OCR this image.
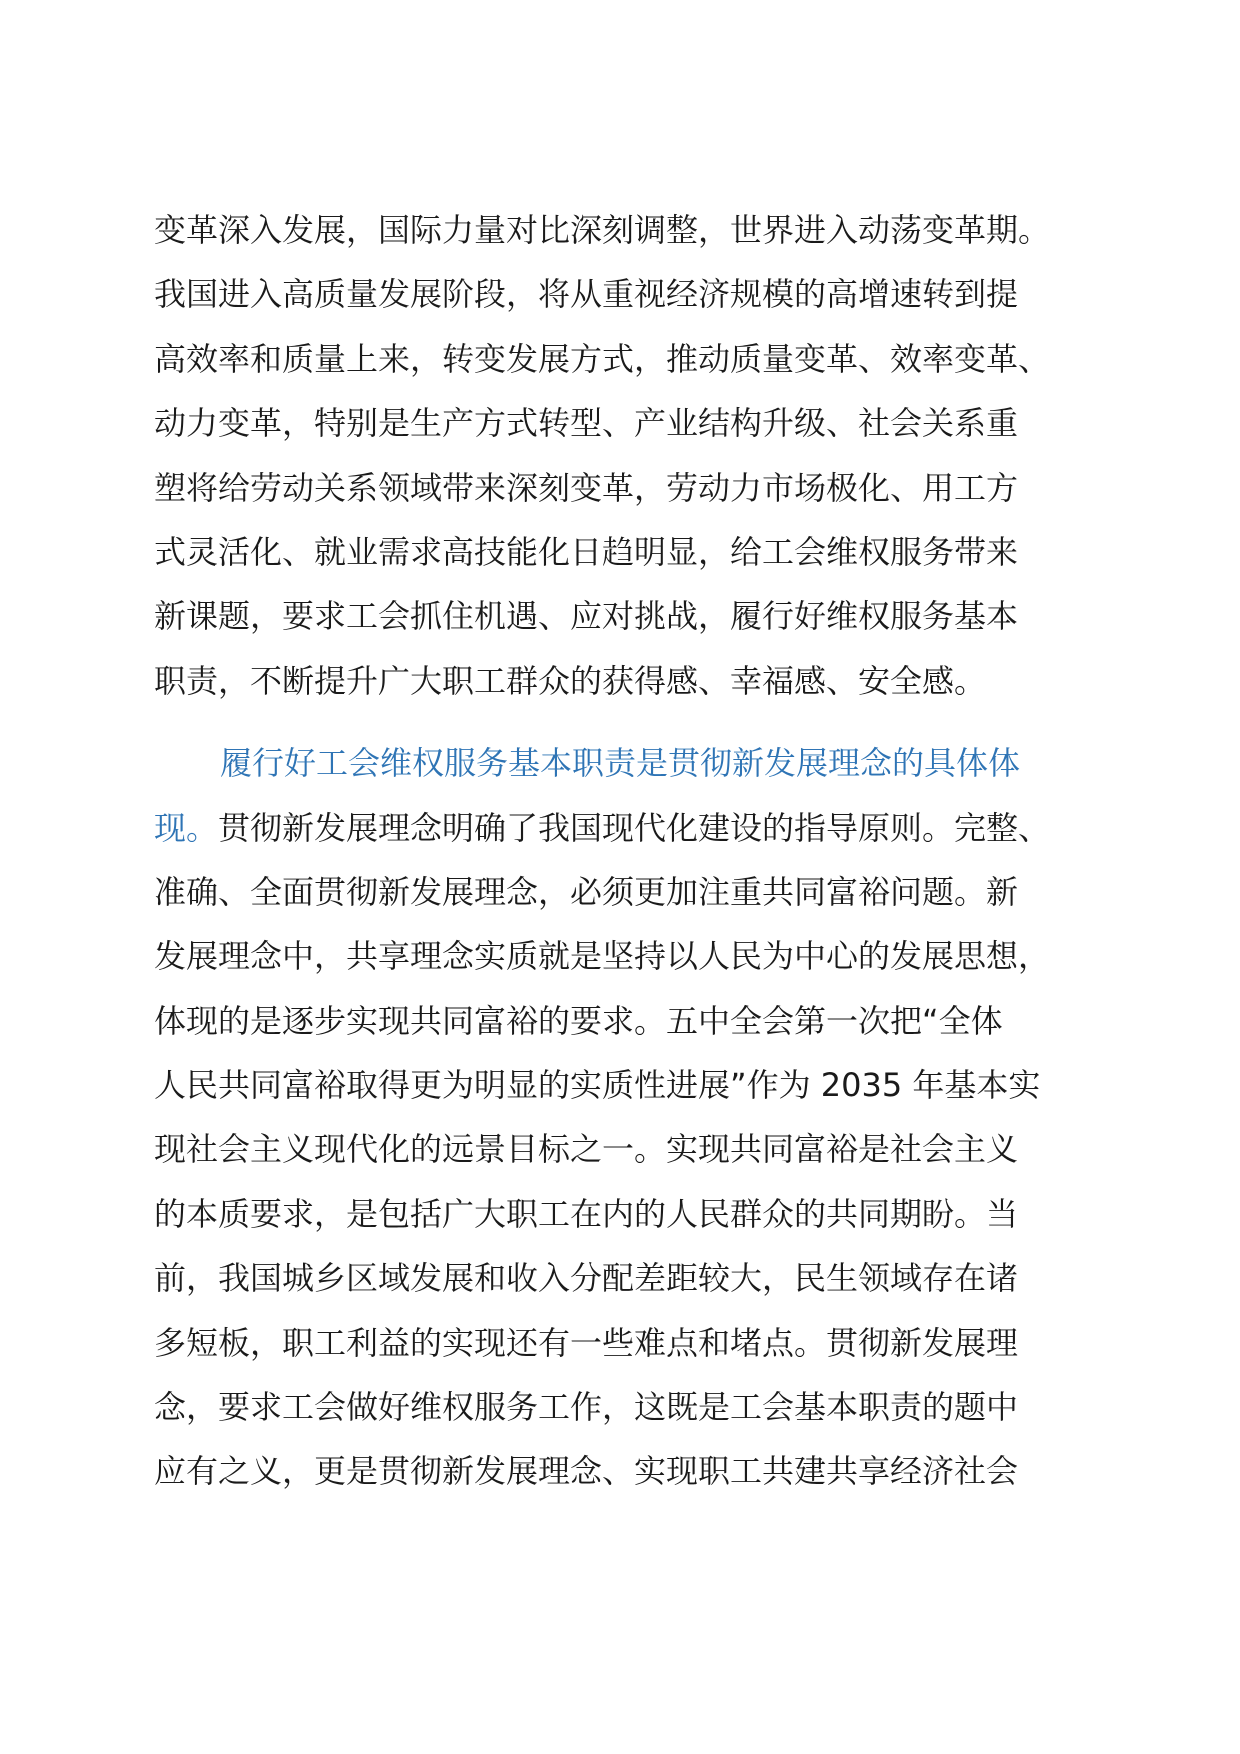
变革深入发展，国际力量对比深刻调整，世界进入动荡变革期。
我国进入高质量发展阶段，将从重视经济规模的高增速转到提
高效率和质量上来，转变发展方式，推动质量变革、效率变革、
动力变革，特别是生产方式转型、产业结构升级、社会关系重
塑将给劳动关系领域带来深刻变革，劳动力市场极化、用工方
式灵活化、就业需求高技能化日趋明显，给工会维权服务带来
新课题，要求工会抓住机遇、应对挑战，履行好维权服务基本
职责，不断提升广大职工群众的获得感、幸福感、安全感。
履行好工会维权服务基本职责是贯彻新发展理念的具体体
现。贯彻新发展理念明确了我国现代化建设的指导原则。完整、
准确、全面贯彻新发展理念，必须更加注重共同富裕问题。新
发展理念中，共享理念实质就是坚持以人民为中心的发展思想，
体现的是逐步实现共同富裕的要求。五中全会第一次把“全体
人民共同富裕取得更为明显的实质性进展”作为 2035 年基本实
现社会主义现代化的远景目标之一。实现共同富裕是社会主义
的本质要求，是包括广大职工在内的人民群众的共同期盼。当
前，我国城乡区域发展和收入分配差距较大，民生领域存在诸
多短板，职工利益的实现还有一些难点和堵点。贯彻新发展理
念，要求工会做好维权服务工作，这既是工会基本职责的题中
应有之义，更是贯彻新发展理念、实现职工共建共享经济社会
